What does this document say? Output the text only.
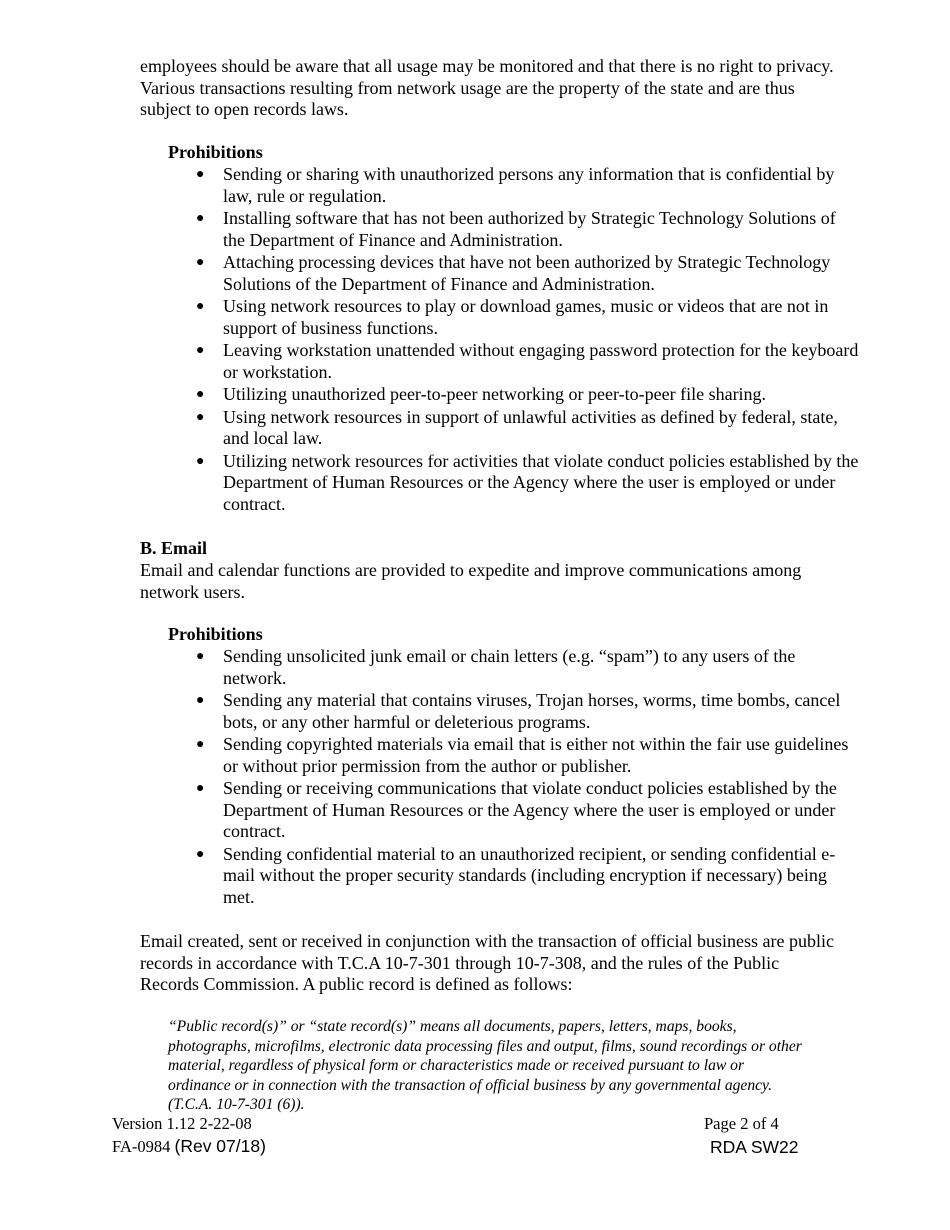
employees should be aware that all usage may be monitored and that there is no right to privacy. Various transactions resulting from network usage are the property of the state and are thus subject to open records laws.

Prohibitions

● Sending or sharing with unauthorized persons any information that is confidential by law, rule or regulation.
● Installing software that has not been authorized by Strategic Technology Solutions of the Department of Finance and Administration.
● Attaching processing devices that have not been authorized by Strategic Technology Solutions of the Department of Finance and Administration.
● Using network resources to play or download games, music or videos that are not in support of business functions.
● Leaving workstation unattended without engaging password protection for the keyboard or workstation.
● Utilizing unauthorized peer-to-peer networking or peer-to-peer file sharing.
● Using network resources in support of unlawful activities as defined by federal, state, and local law.
● Utilizing network resources for activities that violate conduct policies established by the Department of Human Resources or the Agency where the user is employed or under contract.

B. Email

Email and calendar functions are provided to expedite and improve communications among network users.

Prohibitions

● Sending unsolicited junk email or chain letters (e.g. “spam”) to any users of the network.
● Sending any material that contains viruses, Trojan horses, worms, time bombs, cancel bots, or any other harmful or deleterious programs.
● Sending copyrighted materials via email that is either not within the fair use guidelines or without prior permission from the author or publisher.
● Sending or receiving communications that violate conduct policies established by the Department of Human Resources or the Agency where the user is employed or under contract.
● Sending confidential material to an unauthorized recipient, or sending confidential e-mail without the proper security standards (including encryption if necessary) being met.

Email created, sent or received in conjunction with the transaction of official business are public records in accordance with T.C.A 10-7-301 through 10-7-308, and the rules of the Public Records Commission. A public record is defined as follows:

“Public record(s)” or “state record(s)” means all documents, papers, letters, maps, books, photographs, microfilms, electronic data processing files and output, films, sound recordings or other material, regardless of physical form or characteristics made or received pursuant to law or ordinance or in connection with the transaction of official business by any governmental agency. (T.C.A. 10-7-301 (6)).

Version 1.12 2-22-08	Page 2 of 4

FA-0984 (Rev 07/18)	RDA SW22
